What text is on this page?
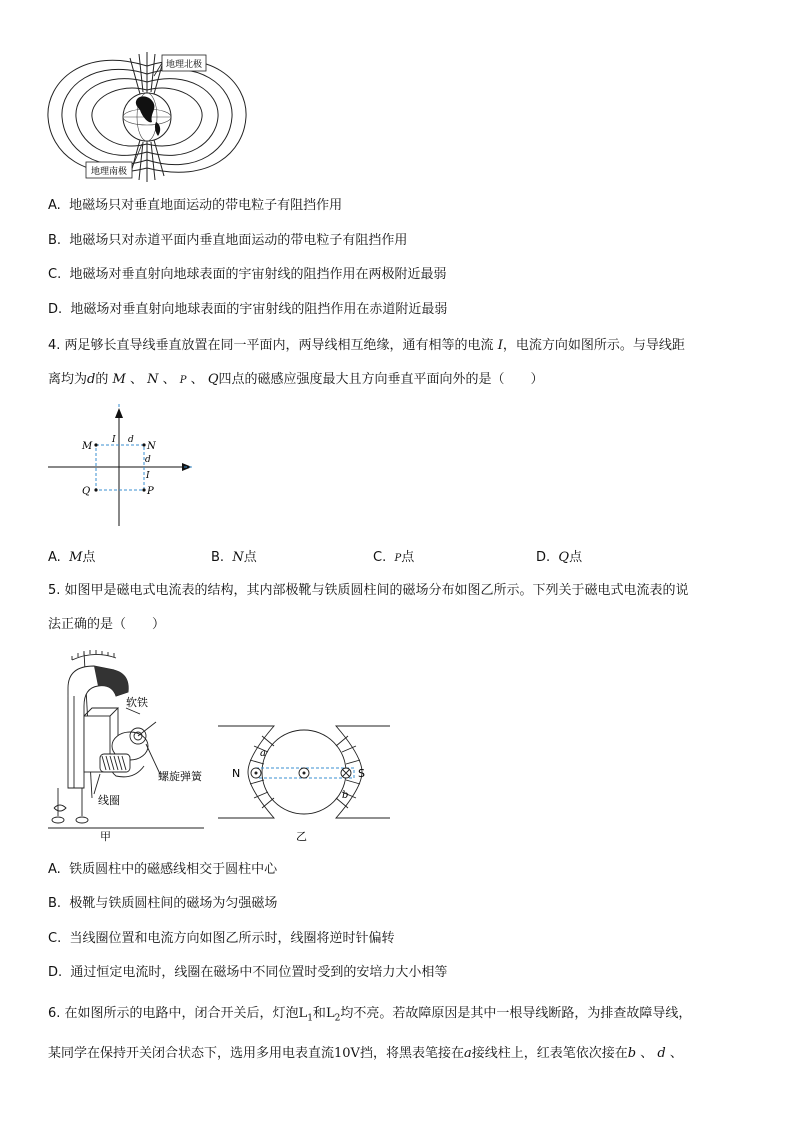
地理北极
地理南极
A. 地磁场只对垂直地面运动的带电粒子有阻挡作用
B. 地磁场只对赤道平面内垂直地面运动的带电粒子有阻挡作用
C. 地磁场对垂直射向地球表面的宇宙射线的阻挡作用在两极附近最弱
D. 地磁场对垂直射向地球表面的宇宙射线的阻挡作用在赤道附近最弱
4. 两足够长直导线垂直放置在同一平面内，两导线相互绝缘，通有相等的电流 I，电流方向如图所示。与导线距
离均为d的 M 、 N 、 P 、 Q四点的磁感应强度最大且方向垂直平面向外的是（　　）
M	N
P
Q
I d
d
I
A. M点	B. N点	C. P点	D. Q点
5. 如图甲是磁电式电流表的结构，其内部极靴与铁质圆柱间的磁场分布如图乙所示。下列关于磁电式电流表的说
法正确的是（　　）
软铁
螺旋弹簧
线圈
甲
N	S
a
b
乙
A. 铁质圆柱中的磁感线相交于圆柱中心
B. 极靴与铁质圆柱间的磁场为匀强磁场
C. 当线圈位置和电流方向如图乙所示时，线圈将逆时针偏转
D. 通过恒定电流时，线圈在磁场中不同位置时受到的安培力大小相等
6. 在如图所示的电路中，闭合开关后，灯泡$L_1$和$L_2$均不亮。若故障原因是其中一根导线断路，为排查故障导线，
某同学在保持开关闭合状态下，选用多用电表直流10V挡，将黑表笔接在a接线柱上，红表笔依次接在b 、 d 、
